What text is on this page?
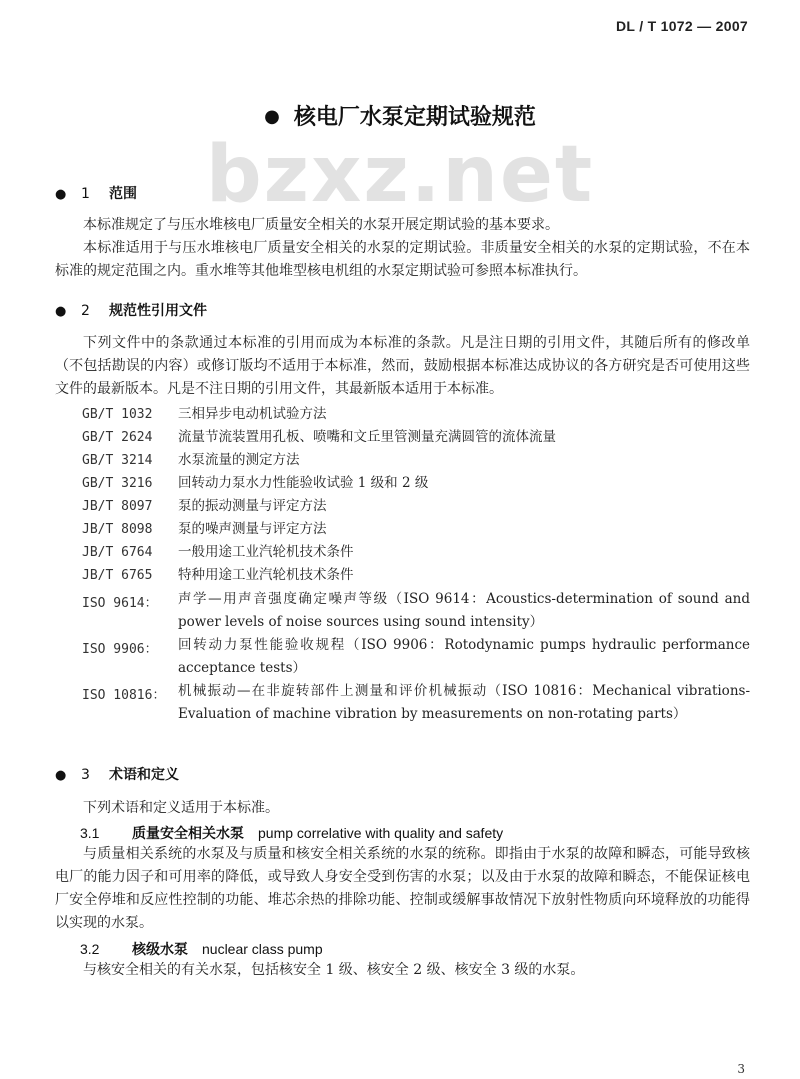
DL / T 1072 — 2007
bzxz.net
● 核电厂水泵定期试验规范
● 1 范围
本标准规定了与压水堆核电厂质量安全相关的水泵开展定期试验的基本要求。
本标准适用于与压水堆核电厂质量安全相关的水泵的定期试验。非质量安全相关的水泵的定期试验，不在本标准的规定范围之内。重水堆等其他堆型核电机组的水泵定期试验可参照本标准执行。
● 2 规范性引用文件
下列文件中的条款通过本标准的引用而成为本标准的条款。凡是注日期的引用文件，其随后所有的修改单（不包括勘误的内容）或修订版均不适用于本标准，然而，鼓励根据本标准达成协议的各方研究是否可使用这些文件的最新版本。凡是不注日期的引用文件，其最新版本适用于本标准。
GB/T 1032 三相异步电动机试验方法
GB/T 2624 流量节流装置用孔板、喷嘴和文丘里管测量充满圆管的流体流量
GB/T 3214 水泵流量的测定方法
GB/T 3216 回转动力泵水力性能验收试验 1 级和 2 级
JB/T 8097 泵的振动测量与评定方法
JB/T 8098 泵的噪声测量与评定方法
JB/T 6764 一般用途工业汽轮机技术条件
JB/T 6765 特种用途工业汽轮机技术条件
ISO 9614： 声学—用声音强度确定噪声等级（ISO 9614：Acoustics-determination of sound and power levels of noise sources using sound intensity）
ISO 9906： 回转动力泵性能验收规程（ISO 9906：Rotodynamic pumps hydraulic performance acceptance tests）
ISO 10816： 机械振动—在非旋转部件上测量和评价机械振动（ISO 10816：Mechanical vibrations-Evaluation of machine vibration by measurements on non-rotating parts）
● 3 术语和定义
下列术语和定义适用于本标准。
3.1 质量安全相关水泵 pump correlative with quality and safety
与质量相关系统的水泵及与质量和核安全相关系统的水泵的统称。即指由于水泵的故障和瞬态，可能导致核电厂的能力因子和可用率的降低，或导致人身安全受到伤害的水泵；以及由于水泵的故障和瞬态，不能保证核电厂安全停堆和反应性控制的功能、堆芯余热的排除功能、控制或缓解事故情况下放射性物质向环境释放的功能得以实现的水泵。
3.2 核级水泵 nuclear class pump
与核安全相关的有关水泵，包括核安全 1 级、核安全 2 级、核安全 3 级的水泵。
3
